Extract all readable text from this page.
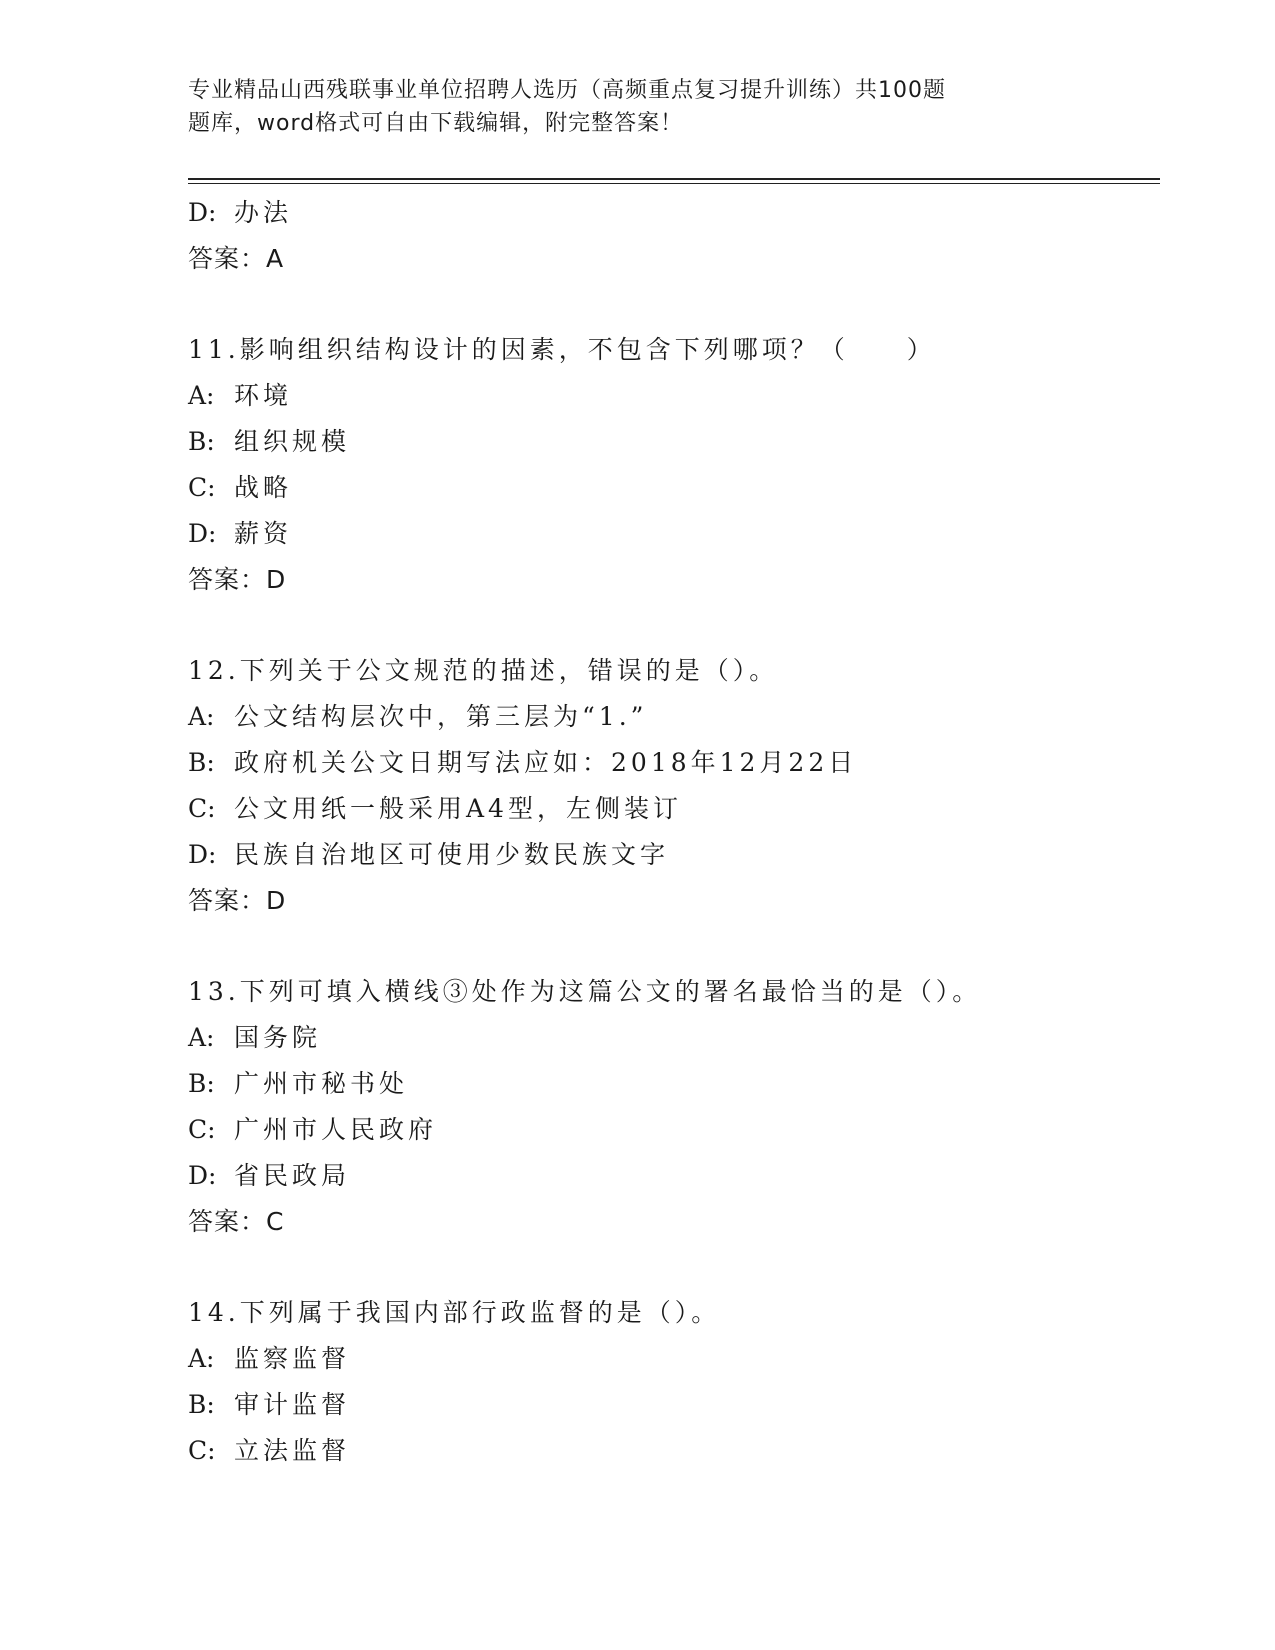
专业精品山西残联事业单位招聘人选历（高频重点复习提升训练）共100题
题库，word格式可自由下载编辑，附完整答案！
D: 办法
答案：A
11.影响组织结构设计的因素，不包含下列哪项？（　　）
A: 环境
B: 组织规模
C: 战略
D: 薪资
答案：D
12.下列关于公文规范的描述，错误的是（）。
A: 公文结构层次中，第三层为“1.”
B: 政府机关公文日期写法应如：2018年12月22日
C: 公文用纸一般采用A4型，左侧装订
D: 民族自治地区可使用少数民族文字
答案：D
13.下列可填入横线③处作为这篇公文的署名最恰当的是（）。
A: 国务院
B: 广州市秘书处
C: 广州市人民政府
D: 省民政局
答案：C
14.下列属于我国内部行政监督的是（）。
A: 监察监督
B: 审计监督
C: 立法监督
